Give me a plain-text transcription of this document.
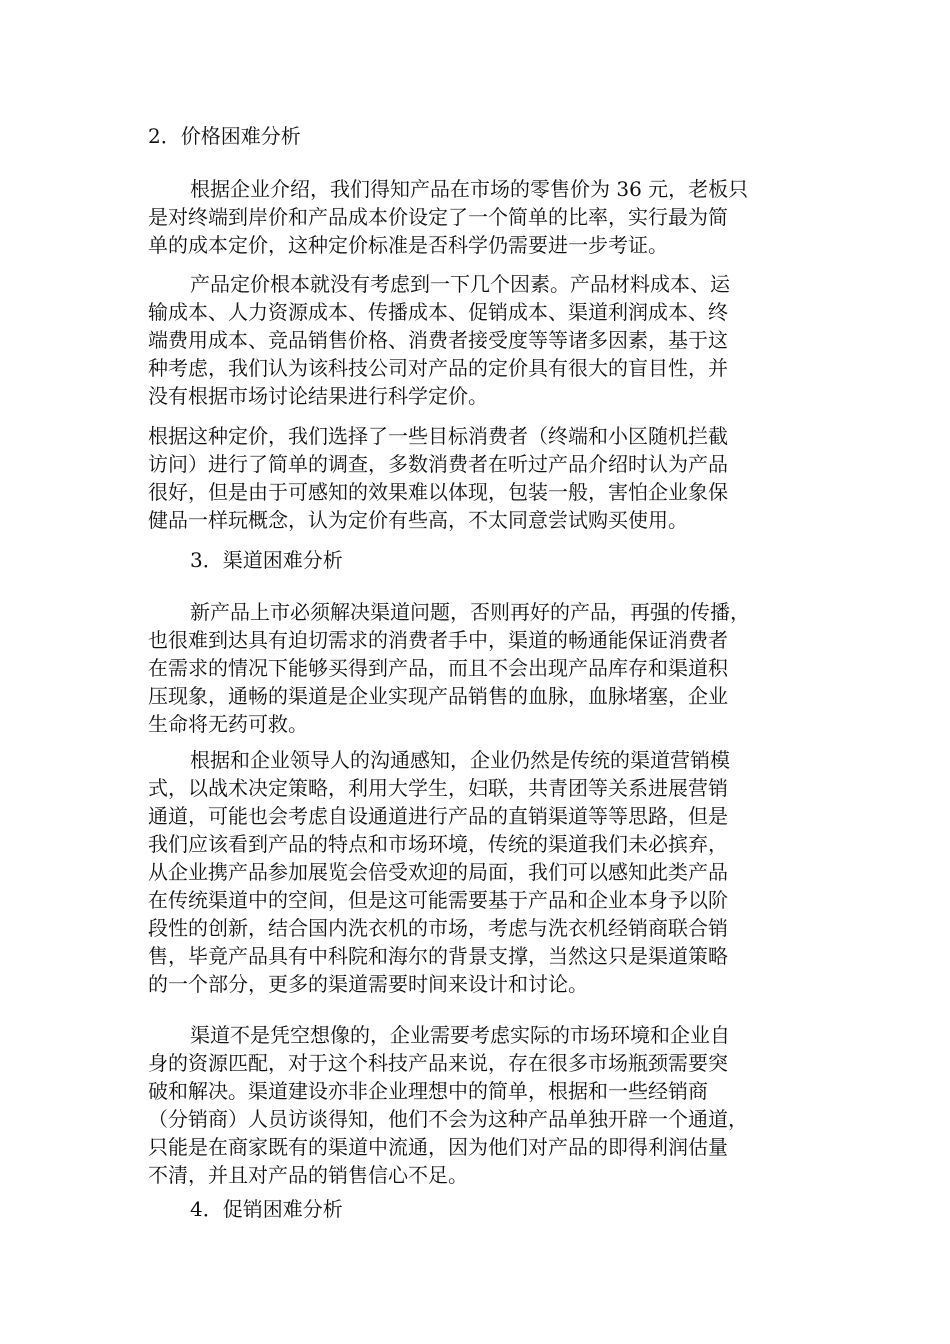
2．价格困难分析
根据企业介绍，我们得知产品在市场的零售价为 36 元，老板只
是对终端到岸价和产品成本价设定了一个简单的比率，实行最为简
单的成本定价，这种定价标准是否科学仍需要进一步考证。
产品定价根本就没有考虑到一下几个因素。产品材料成本、运
输成本、人力资源成本、传播成本、促销成本、渠道利润成本、终
端费用成本、竞品销售价格、消费者接受度等等诸多因素，基于这
种考虑，我们认为该科技公司对产品的定价具有很大的盲目性，并
没有根据市场讨论结果进行科学定价。
根据这种定价，我们选择了一些目标消费者（终端和小区随机拦截
访问）进行了简单的调查，多数消费者在听过产品介绍时认为产品
很好，但是由于可感知的效果难以体现，包装一般，害怕企业象保
健品一样玩概念，认为定价有些高，不太同意尝试购买使用。
3．渠道困难分析
新产品上市必须解决渠道问题，否则再好的产品，再强的传播，
也很难到达具有迫切需求的消费者手中，渠道的畅通能保证消费者
在需求的情况下能够买得到产品，而且不会出现产品库存和渠道积
压现象，通畅的渠道是企业实现产品销售的血脉，血脉堵塞，企业
生命将无药可救。
根据和企业领导人的沟通感知，企业仍然是传统的渠道营销模
式，以战术决定策略，利用大学生，妇联，共青团等关系进展营销
通道，可能也会考虑自设通道进行产品的直销渠道等等思路，但是
我们应该看到产品的特点和市场环境，传统的渠道我们未必摈弃，
从企业携产品参加展览会倍受欢迎的局面，我们可以感知此类产品
在传统渠道中的空间，但是这可能需要基于产品和企业本身予以阶
段性的创新，结合国内洗衣机的市场，考虑与洗衣机经销商联合销
售，毕竟产品具有中科院和海尔的背景支撑，当然这只是渠道策略
的一个部分，更多的渠道需要时间来设计和讨论。
渠道不是凭空想像的，企业需要考虑实际的市场环境和企业自
身的资源匹配，对于这个科技产品来说，存在很多市场瓶颈需要突
破和解决。渠道建设亦非企业理想中的简单，根据和一些经销商
（分销商）人员访谈得知，他们不会为这种产品单独开辟一个通道，
只能是在商家既有的渠道中流通，因为他们对产品的即得利润估量
不清，并且对产品的销售信心不足。
4．促销困难分析
